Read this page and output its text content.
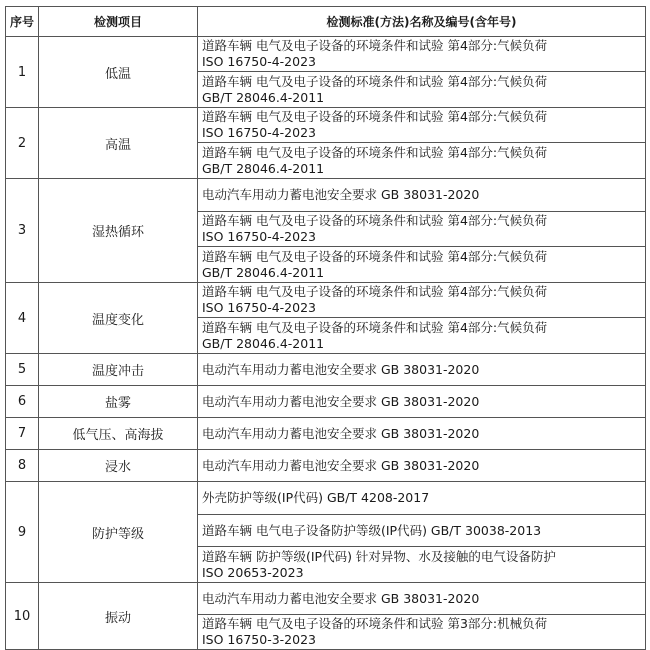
序号	检测项目	检测标准(方法)名称及编号(含年号)
1	低温	道路车辆 电气及电子设备的环境条件和试验 第4部分:气候负荷
ISO 16750-4-2023

		道路车辆 电气及电子设备的环境条件和试验 第4部分:气候负荷
GB/T 28046.4-2011

2	高温	道路车辆 电气及电子设备的环境条件和试验 第4部分:气候负荷
ISO 16750-4-2023

		道路车辆 电气及电子设备的环境条件和试验 第4部分:气候负荷
GB/T 28046.4-2011

3	湿热循环	电动汽车用动力蓄电池安全要求 GB 38031-2020

		道路车辆 电气及电子设备的环境条件和试验 第4部分:气候负荷
ISO 16750-4-2023

		道路车辆 电气及电子设备的环境条件和试验 第4部分:气候负荷
GB/T 28046.4-2011

4	温度变化	道路车辆 电气及电子设备的环境条件和试验 第4部分:气候负荷
ISO 16750-4-2023

		道路车辆 电气及电子设备的环境条件和试验 第4部分:气候负荷
GB/T 28046.4-2011

5	温度冲击	电动汽车用动力蓄电池安全要求 GB 38031-2020

6	盐雾	电动汽车用动力蓄电池安全要求 GB 38031-2020

7	低气压、高海拔	电动汽车用动力蓄电池安全要求 GB 38031-2020

8	浸水	电动汽车用动力蓄电池安全要求 GB 38031-2020

9	防护等级	外壳防护等级(IP代码) GB/T 4208-2017

		道路车辆 电气电子设备防护等级(IP代码) GB/T 30038-2013

		道路车辆 防护等级(IP代码) 针对异物、水及接触的电气设备防护
ISO 20653-2023

10	振动	电动汽车用动力蓄电池安全要求 GB 38031-2020

		道路车辆 电气及电子设备的环境条件和试验 第3部分:机械负荷
ISO 16750-3-2023
